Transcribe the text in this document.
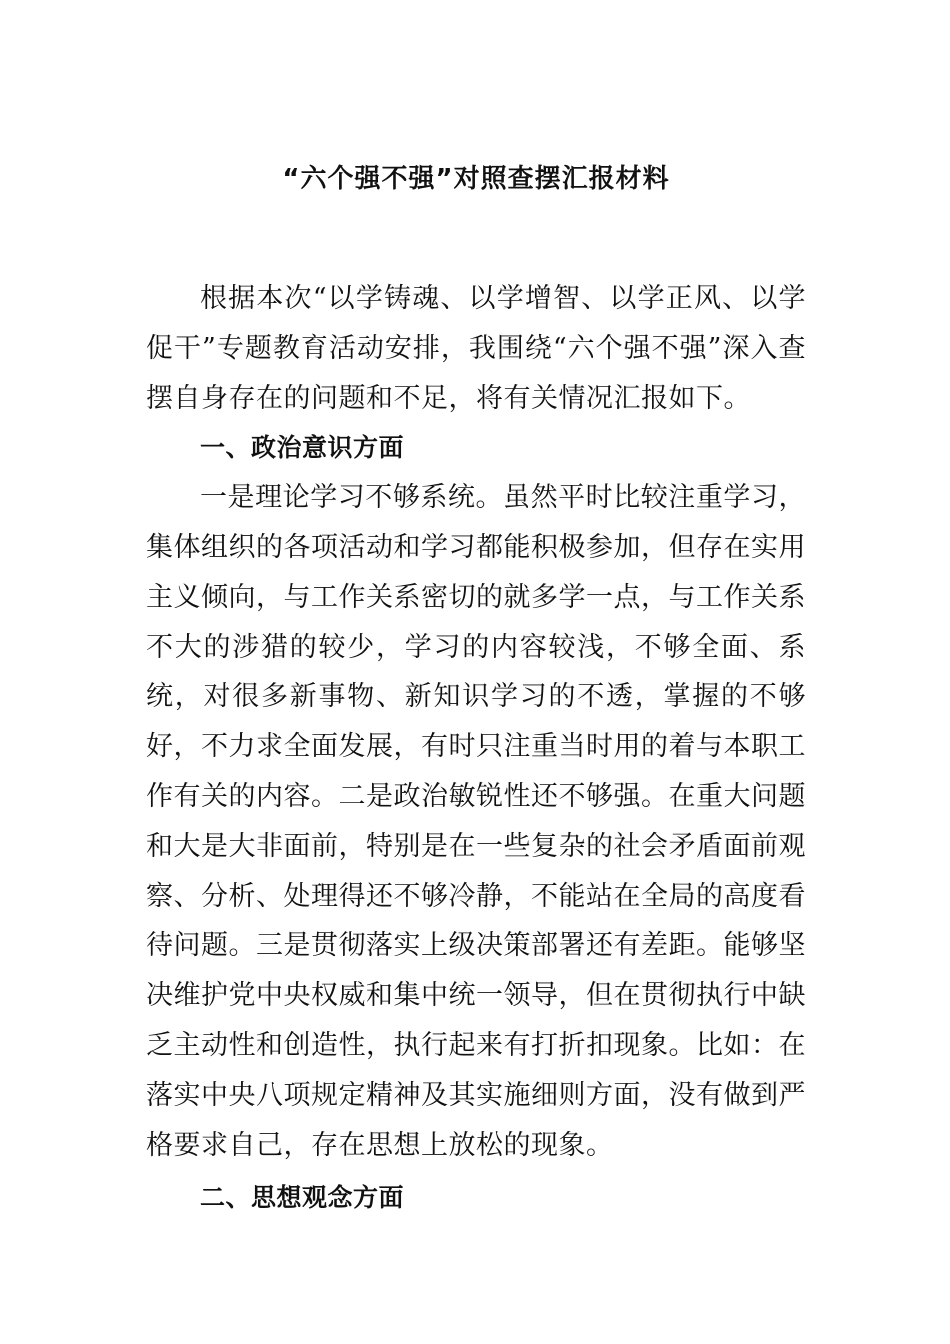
“六个强不强”对照查摆汇报材料

根据本次“以学铸魂、以学增智、以学正风、以学促干”专题教育活动安排，我围绕“六个强不强”深入查摆自身存在的问题和不足，将有关情况汇报如下。

一、政治意识方面

一是理论学习不够系统。虽然平时比较注重学习，集体组织的各项活动和学习都能积极参加，但存在实用主义倾向，与工作关系密切的就多学一点，与工作关系不大的涉猎的较少，学习的内容较浅，不够全面、系统，对很多新事物、新知识学习的不透，掌握的不够好，不力求全面发展，有时只注重当时用的着与本职工作有关的内容。二是政治敏锐性还不够强。在重大问题和大是大非面前，特别是在一些复杂的社会矛盾面前观察、分析、处理得还不够冷静，不能站在全局的高度看待问题。三是贯彻落实上级决策部署还有差距。能够坚决维护党中央权威和集中统一领导，但在贯彻执行中缺乏主动性和创造性，执行起来有打折扣现象。比如：在落实中央八项规定精神及其实施细则方面，没有做到严格要求自己，存在思想上放松的现象。

二、思想观念方面
